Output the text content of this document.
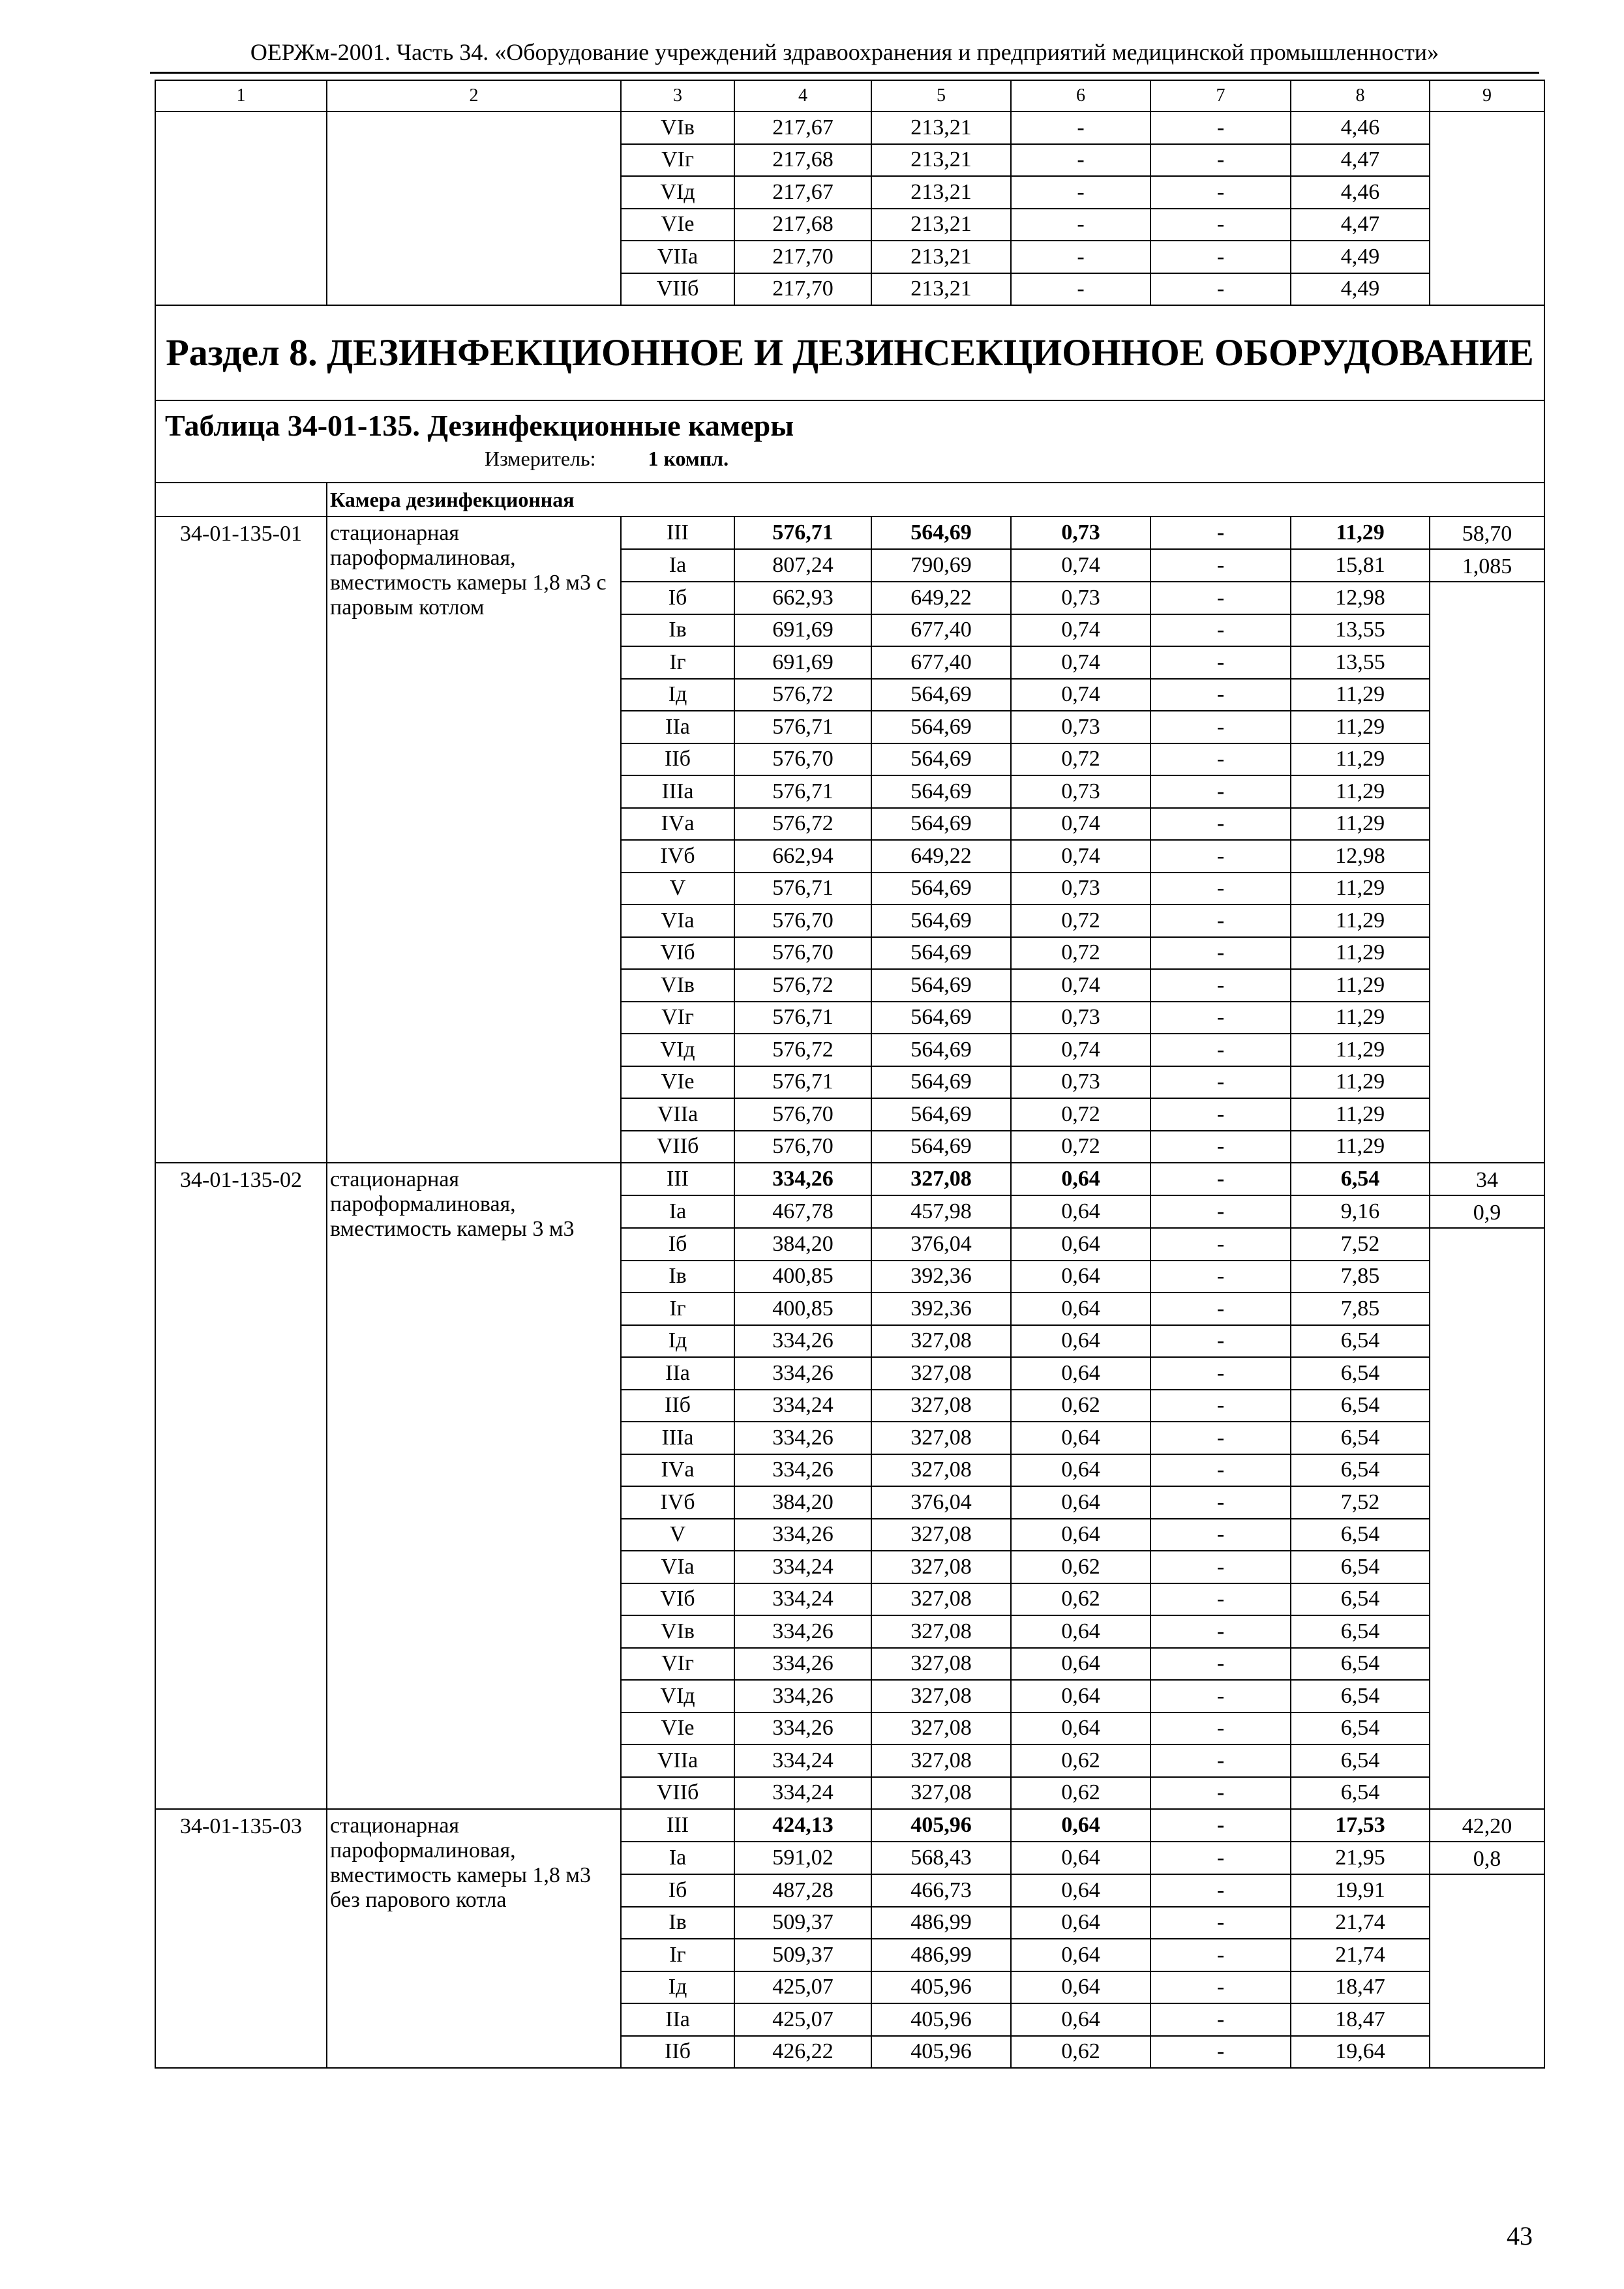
ОЕРЖм-2001. Часть 34. «Оборудование учреждений здравоохранения и предприятий медицинской промышленности»
1	2	3	4	5	6	7	8	9
		VIв	217,67	213,21	-	-	4,46	
		VIг	217,68	213,21	-	-	4,47	
		VIд	217,67	213,21	-	-	4,46	
		VIе	217,68	213,21	-	-	4,47	
		VIIа	217,70	213,21	-	-	4,49	
		VIIб	217,70	213,21	-	-	4,49	
Раздел 8. ДЕЗИНФЕКЦИОННОЕ И ДЕЗИНСЕКЦИОННОЕ ОБОРУДОВАНИЕ								

Таблица 34-01-135. Дезинфекционные камеры
Измеритель: 1 компл.								

	Камера дезинфекционная							
34-01-135-01	стационарная пароформалиновая, вместимость камеры 1,8 м3 с паровым котлом	III	576,71	564,69	0,73	-	11,29	58,70
		Iа	807,24	790,69	0,74	-	15,81	1,085
		Iб	662,93	649,22	0,73	-	12,98	
		Iв	691,69	677,40	0,74	-	13,55	
		Iг	691,69	677,40	0,74	-	13,55	
		Iд	576,72	564,69	0,74	-	11,29	
		IIа	576,71	564,69	0,73	-	11,29	
		IIб	576,70	564,69	0,72	-	11,29	
		IIIа	576,71	564,69	0,73	-	11,29	
		IVа	576,72	564,69	0,74	-	11,29	
		IVб	662,94	649,22	0,74	-	12,98	
		V	576,71	564,69	0,73	-	11,29	
		VIа	576,70	564,69	0,72	-	11,29	
		VIб	576,70	564,69	0,72	-	11,29	
		VIв	576,72	564,69	0,74	-	11,29	
		VIг	576,71	564,69	0,73	-	11,29	
		VIд	576,72	564,69	0,74	-	11,29	
		VIе	576,71	564,69	0,73	-	11,29	
		VIIа	576,70	564,69	0,72	-	11,29	
		VIIб	576,70	564,69	0,72	-	11,29	
34-01-135-02	стационарная пароформалиновая, вместимость камеры 3 м3	III	334,26	327,08	0,64	-	6,54	34
		Iа	467,78	457,98	0,64	-	9,16	0,9
		Iб	384,20	376,04	0,64	-	7,52	
		Iв	400,85	392,36	0,64	-	7,85	
		Iг	400,85	392,36	0,64	-	7,85	
		Iд	334,26	327,08	0,64	-	6,54	
		IIа	334,26	327,08	0,64	-	6,54	
		IIб	334,24	327,08	0,62	-	6,54	
		IIIа	334,26	327,08	0,64	-	6,54	
		IVа	334,26	327,08	0,64	-	6,54	
		IVб	384,20	376,04	0,64	-	7,52	
		V	334,26	327,08	0,64	-	6,54	
		VIа	334,24	327,08	0,62	-	6,54	
		VIб	334,24	327,08	0,62	-	6,54	
		VIв	334,26	327,08	0,64	-	6,54	
		VIг	334,26	327,08	0,64	-	6,54	
		VIд	334,26	327,08	0,64	-	6,54	
		VIе	334,26	327,08	0,64	-	6,54	
		VIIа	334,24	327,08	0,62	-	6,54	
		VIIб	334,24	327,08	0,62	-	6,54	
34-01-135-03	стационарная пароформалиновая, вместимость камеры 1,8 м3 без парового котла	III	424,13	405,96	0,64	-	17,53	42,20
		Iа	591,02	568,43	0,64	-	21,95	0,8
		Iб	487,28	466,73	0,64	-	19,91	
		Iв	509,37	486,99	0,64	-	21,74	
		Iг	509,37	486,99	0,64	-	21,74	
		Iд	425,07	405,96	0,64	-	18,47	
		IIа	425,07	405,96	0,64	-	18,47	
		IIб	426,22	405,96	0,62	-	19,64	
43
